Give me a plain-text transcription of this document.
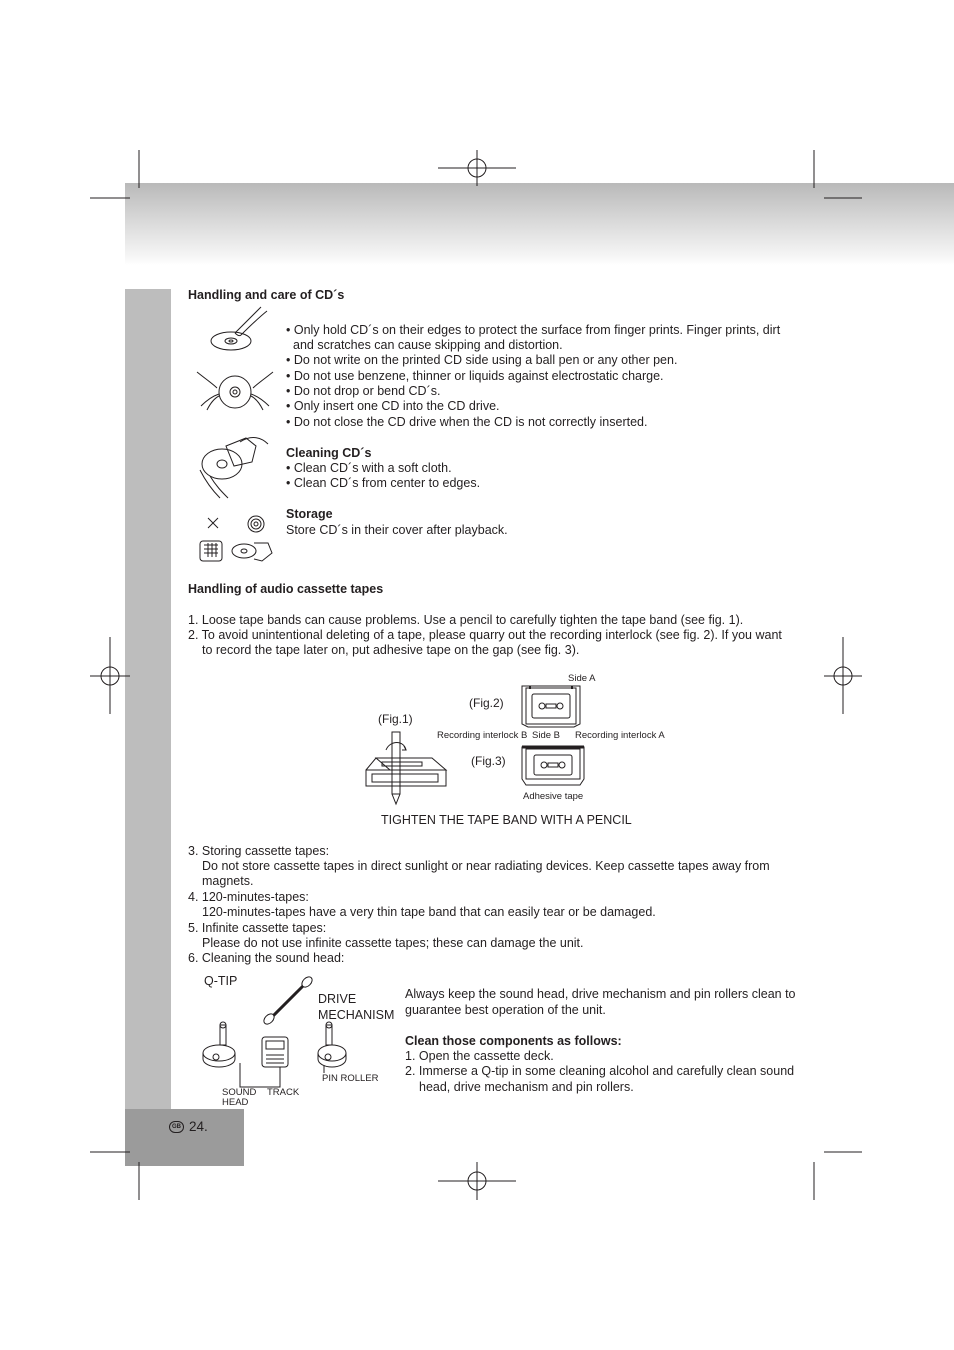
Handling and care of CD´s
• Only hold CD´s on their edges to protect the surface from finger prints. Finger prints, dirt
and scratches can cause skipping and distortion.
• Do not write on the printed CD side using a ball pen or any other pen.
• Do not use benzene, thinner or liquids against electrostatic charge.
• Do not drop or bend CD´s.
• Only insert one CD into the CD drive.
• Do not close the CD drive when the CD is not correctly inserted.
Cleaning CD´s
• Clean CD´s with a soft cloth.
• Clean CD´s from center to edges.
Storage
Store CD´s in their cover after playback.
Handling of audio cassette tapes
1. Loose tape bands can cause problems. Use a pencil to carefully tighten the tape band (see fig. 1).
2. To avoid unintentional deleting of a tape, please quarry out the recording interlock (see fig. 2). If you want
to record the tape later on, put adhesive tape on the gap (see fig. 3).
Side A
(Fig.2)
(Fig.1)
Recording interlock B Side B Recording interlock A
(Fig.3)
Adhesive tape
TIGHTEN THE TAPE BAND WITH A PENCIL
3. Storing cassette tapes:
Do not store cassette tapes in direct sunlight or near radiating devices. Keep cassette tapes away from
magnets.
4. 120-minutes-tapes:
120-minutes-tapes have a very thin tape band that can easily tear or be damaged.
5. Infinite cassette tapes:
Please do not use infinite cassette tapes; these can damage the unit.
6. Cleaning the sound head:
Q-TIP
DRIVE
MECHANISM
SOUND
HEAD
TRACK
PIN ROLLER
Always keep the sound head, drive mechanism and pin rollers clean to
guarantee best operation of the unit.
Clean those components as follows:
1. Open the cassette deck.
2. Immerse a Q-tip in some cleaning alcohol and carefully clean sound
head, drive mechanism and pin rollers.
GB 24.
